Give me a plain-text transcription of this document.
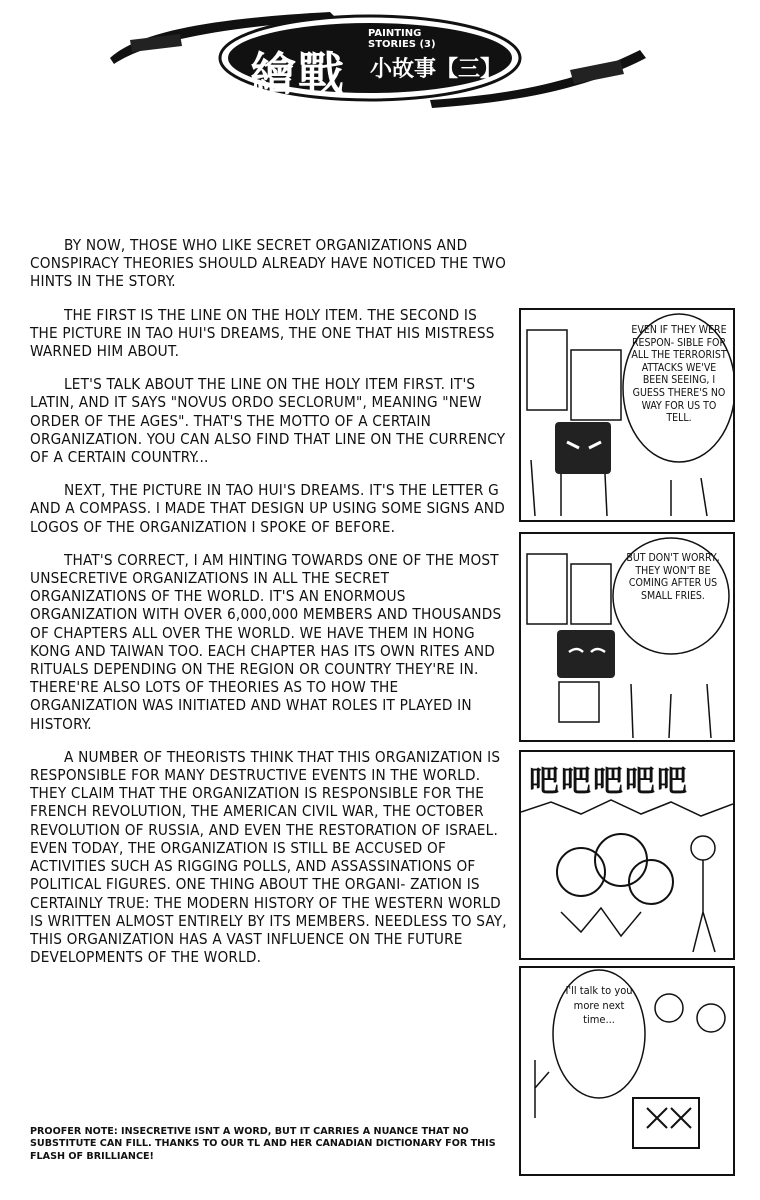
繪戰
PAINTING
STORIES (3)
小故事【三】

BY NOW, THOSE WHO LIKE SECRET ORGANIZATIONS AND CONSPIRACY THEORIES SHOULD ALREADY HAVE NOTICED THE TWO HINTS IN THE STORY.

THE FIRST IS THE LINE ON THE HOLY ITEM. THE SECOND IS THE PICTURE IN TAO HUI'S DREAMS, THE ONE THAT HIS MISTRESS WARNED HIM ABOUT.

LET'S TALK ABOUT THE LINE ON THE HOLY ITEM FIRST. IT'S LATIN, AND IT SAYS "NOVUS ORDO SECLORUM", MEANING "NEW ORDER OF THE AGES". THAT'S THE MOTTO OF A CERTAIN ORGANIZATION. YOU CAN ALSO FIND THAT LINE ON THE CURRENCY OF A CERTAIN COUNTRY...

NEXT, THE PICTURE IN TAO HUI'S DREAMS. IT'S THE LETTER G AND A COMPASS. I MADE THAT DESIGN UP USING SOME SIGNS AND LOGOS OF THE ORGANIZATION I SPOKE OF BEFORE.

THAT'S CORRECT, I AM HINTING TOWARDS ONE OF THE MOST UNSECRETIVE ORGANIZATIONS IN ALL THE SECRET ORGANIZATIONS OF THE WORLD. IT'S AN ENORMOUS ORGANIZATION WITH OVER 6,000,000 MEMBERS AND THOUSANDS OF CHAPTERS ALL OVER THE WORLD. WE HAVE THEM IN HONG KONG AND TAIWAN TOO. EACH CHAPTER HAS ITS OWN RITES AND RITUALS DEPENDING ON THE REGION OR COUNTRY THEY'RE IN. THERE'RE ALSO LOTS OF THEORIES AS TO HOW THE ORGANIZATION WAS INITIATED AND WHAT ROLES IT PLAYED IN HISTORY.

A NUMBER OF THEORISTS THINK THAT THIS ORGANIZATION IS RESPONSIBLE FOR MANY DESTRUCTIVE EVENTS IN THE WORLD. THEY CLAIM THAT THE ORGANIZATION IS RESPONSIBLE FOR THE FRENCH REVOLUTION, THE AMERICAN CIVIL WAR, THE OCTOBER REVOLUTION OF RUSSIA, AND EVEN THE RESTORATION OF ISRAEL. EVEN TODAY, THE ORGANIZATION IS STILL BE ACCUSED OF ACTIVITIES SUCH AS RIGGING POLLS, AND ASSASSINATIONS OF POLITICAL FIGURES. ONE THING ABOUT THE ORGANI- ZATION IS CERTAINLY TRUE: THE MODERN HISTORY OF THE WESTERN WORLD IS WRITTEN ALMOST ENTIRELY BY ITS MEMBERS. NEEDLESS TO SAY, THIS ORGANIZATION HAS A VAST INFLUENCE ON THE FUTURE DEVELOPMENTS OF THE WORLD.

PROOFER NOTE: INSECRETIVE ISNT A WORD, BUT IT CARRIES A NUANCE THAT NO SUBSTITUTE CAN FILL. THANKS TO OUR TL AND HER CANADIAN DICTIONARY FOR THIS FLASH OF BRILLIANCE!
EVEN IF THEY WERE RESPON- SIBLE FOR ALL THE TERRORIST ATTACKS WE'VE BEEN SEEING, I GUESS THERE'S NO WAY FOR US TO TELL.
BUT DON'T WORRY, THEY WON'T BE COMING AFTER US SMALL FRIES.
吧吧吧吧吧
I'll talk to you more next time...
